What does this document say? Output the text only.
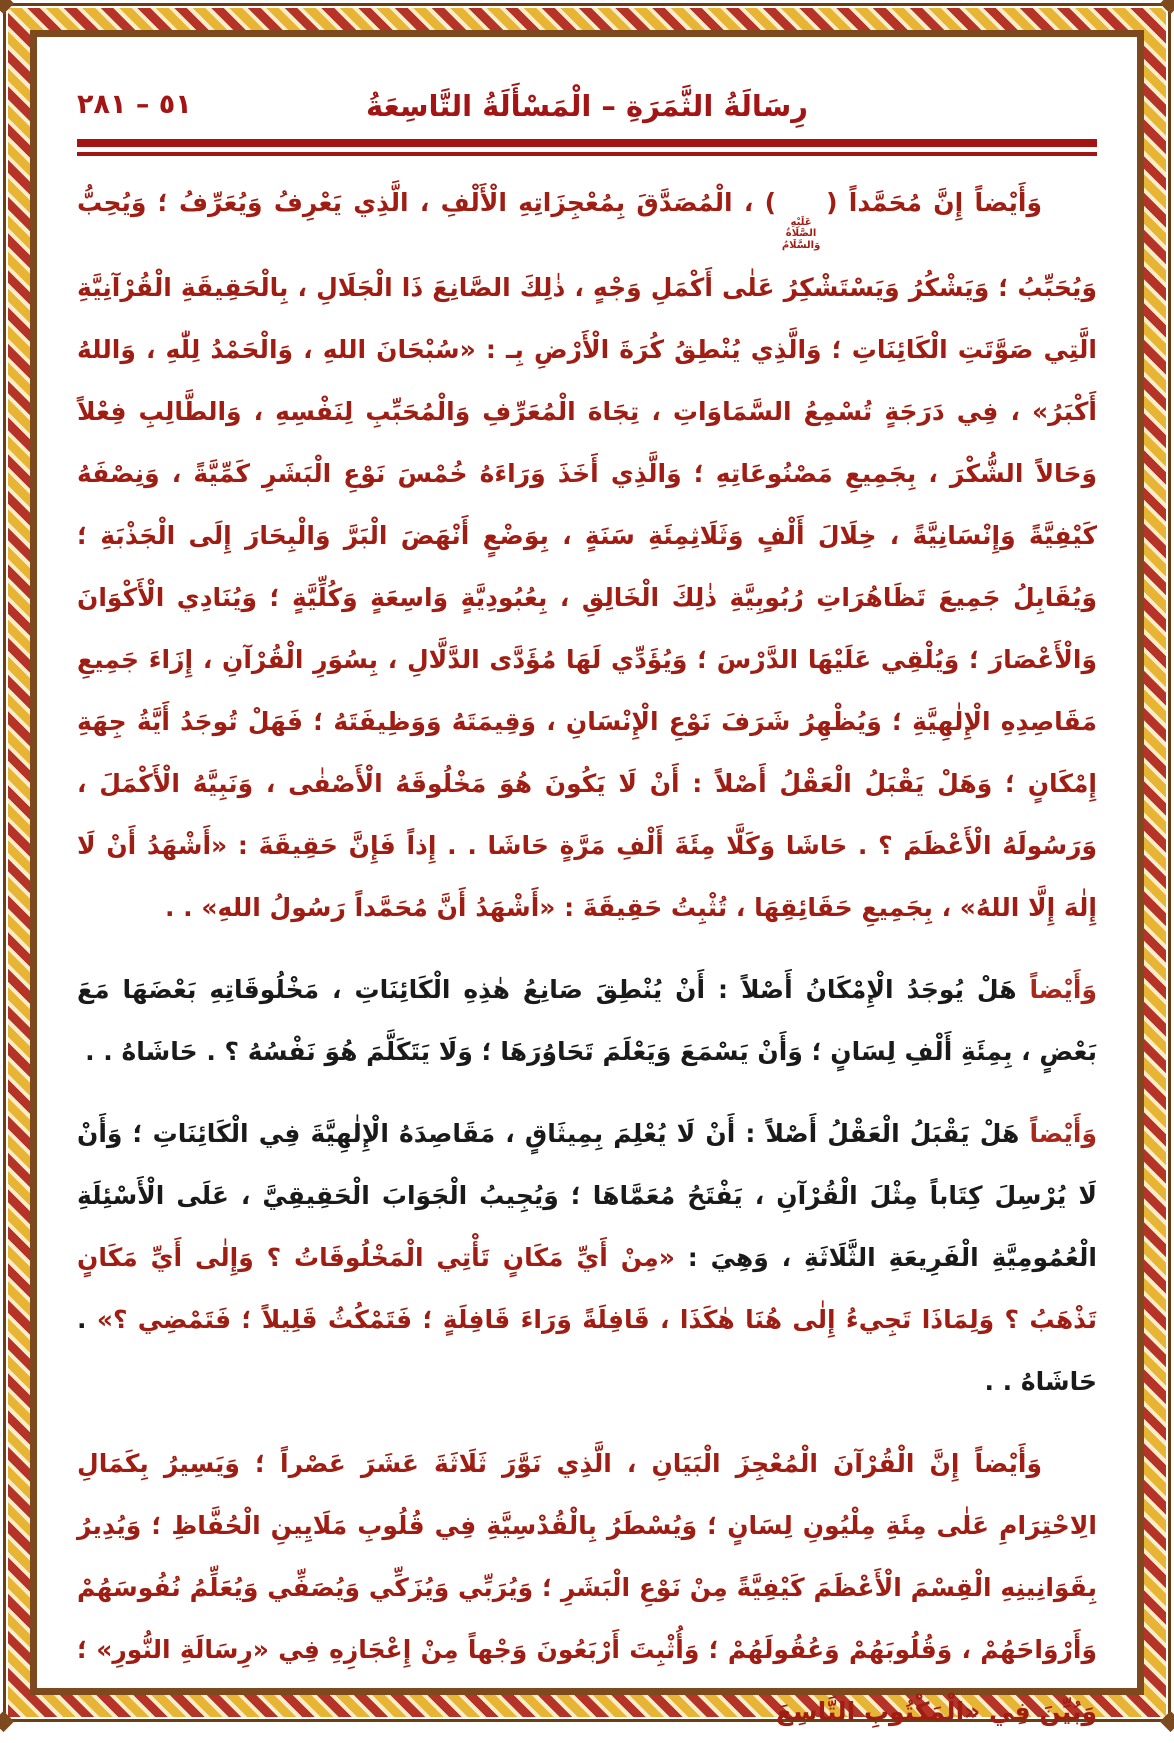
٥١ – ٢٨١	رِسَالَةُ الثَّمَرَةِ – الْمَسْأَلَةُ التَّاسِعَةُ

وَأَيْضاً إِنَّ مُحَمَّداً (
عَلَيْهِ
الصَّلَاةُ
وَالسَّلَامُ
) ، الْمُصَدَّقَ بِمُعْجِزَاتِهِ الْأَلْفِ ، الَّذِي يَعْرِفُ وَيُعَرِّفُ ؛ وَيُحِبُّ وَيُحَبِّبُ ؛ وَيَشْكُرُ وَيَسْتَشْكِرُ عَلٰى أَكْمَلِ وَجْهٍ ، ذٰلِكَ الصَّانِعَ ذَا الْجَلَالِ ، بِالْحَقِيقَةِ الْقُرْآنِيَّةِ الَّتِي صَوَّتَتِ الْكَائِنَاتِ ؛ وَالَّذِي يُنْطِقُ كُرَةَ الْأَرْضِ بِـ : «سُبْحَانَ اللهِ ، وَالْحَمْدُ لِلّٰهِ ، وَاللهُ أَكْبَرُ» ، فِي دَرَجَةٍ تُسْمِعُ السَّمَاوَاتِ ، تِجَاهَ الْمُعَرِّفِ وَالْمُحَبِّبِ لِنَفْسِهِ ، وَالطَّالِبِ فِعْلاً وَحَالاً الشُّكْرَ ، بِجَمِيعِ مَصْنُوعَاتِهِ ؛ وَالَّذِي أَخَذَ وَرَاءَهُ خُمْسَ نَوْعِ الْبَشَرِ كَمِّيَّةً ، وَنِصْفَهُ كَيْفِيَّةً وَإِنْسَانِيَّةً ، خِلَالَ أَلْفٍ وَثَلَاثِمِئَةِ سَنَةٍ ، بِوَضْعٍ أَنْهَضَ الْبَرَّ وَالْبِحَارَ إِلَى الْجَذْبَةِ ؛ وَيُقَابِلُ جَمِيعَ تَظَاهُرَاتِ رُبُوبِيَّةِ ذٰلِكَ الْخَالِقِ ، بِعُبُودِيَّةٍ وَاسِعَةٍ وَكُلِّيَّةٍ ؛ وَيُنَادِي الْأَكْوَانَ وَالْأَعْصَارَ ؛ وَيُلْقِي عَلَيْهَا الدَّرْسَ ؛ وَيُؤَدِّي لَهَا مُؤَدَّى الدَّلَّالِ ، بِسُوَرِ الْقُرْآنِ ، إِزَاءَ جَمِيعِ مَقَاصِدِهِ الْإِلٰهِيَّةِ ؛ وَيُظْهِرُ شَرَفَ نَوْعِ الْإِنْسَانِ ، وَقِيمَتَهُ وَوَظِيفَتَهُ ؛ فَهَلْ تُوجَدُ أَيَّةُ جِهَةِ إِمْكَانٍ ؛ وَهَلْ يَقْبَلُ الْعَقْلُ أَصْلاً : أَنْ لَا يَكُونَ هُوَ مَخْلُوقَهُ الْأَصْفٰى ، وَنَبِيَّهُ الْأَكْمَلَ ، وَرَسُولَهُ الْأَعْظَمَ ؟ . حَاشَا وَكَلَّا مِئَةَ أَلْفِ مَرَّةٍ حَاشَا . . إِذاً فَإِنَّ حَقِيقَةَ : «أَشْهَدُ أَنْ لَا إِلٰهَ إِلَّا اللهُ» ، بِجَمِيعِ حَقَائِقِهَا ، تُثْبِتُ حَقِيقَةَ : «أَشْهَدُ أَنَّ مُحَمَّداً رَسُولُ اللهِ» . .

وَأَيْضاً هَلْ يُوجَدُ الْإِمْكَانُ أَصْلاً : أَنْ يُنْطِقَ صَانِعُ هٰذِهِ الْكَائِنَاتِ ، مَخْلُوقَاتِهِ بَعْضَهَا مَعَ بَعْضٍ ، بِمِئَةِ أَلْفِ لِسَانٍ ؛ وَأَنْ يَسْمَعَ وَيَعْلَمَ تَحَاوُرَهَا ؛ وَلَا يَتَكَلَّمَ هُوَ نَفْسُهُ ؟ . حَاشَاهُ . .

وَأَيْضاً هَلْ يَقْبَلُ الْعَقْلُ أَصْلاً : أَنْ لَا يُعْلِمَ بِمِيثَاقٍ ، مَقَاصِدَهُ الْإِلٰهِيَّةَ فِي الْكَائِنَاتِ ؛ وَأَنْ لَا يُرْسِلَ كِتَاباً مِثْلَ الْقُرْآنِ ، يَفْتَحُ مُعَمَّاهَا ؛ وَيُجِيبُ الْجَوَابَ الْحَقِيقِيَّ ، عَلَى الْأَسْئِلَةِ الْعُمُومِيَّةِ الْفَرِيعَةِ الثَّلَاثَةِ ، وَهِيَ : «مِنْ أَيِّ مَكَانٍ تَأْتِي الْمَخْلُوقَاتُ ؟ وَإِلٰى أَيِّ مَكَانٍ تَذْهَبُ ؟ وَلِمَاذَا تَجِيءُ إِلٰى هُنَا هٰكَذَا ، قَافِلَةً وَرَاءَ قَافِلَةٍ ؛ فَتَمْكُثُ قَلِيلاً ؛ فَتَمْضِي ؟» . حَاشَاهُ . .

وَأَيْضاً إِنَّ الْقُرْآنَ الْمُعْجِزَ الْبَيَانِ ، الَّذِي نَوَّرَ ثَلَاثَةَ عَشَرَ عَصْراً ؛ وَيَسِيرُ بِكَمَالِ الِاحْتِرَامِ عَلٰى مِئَةِ مِلْيُونِ لِسَانٍ ؛ وَيُسْطَرُ بِالْقُدْسِيَّةِ فِي قُلُوبِ مَلَايِينِ الْحُفَّاظِ ؛ وَيُدِيرُ بِقَوَانِينِهِ الْقِسْمَ الْأَعْظَمَ كَيْفِيَّةً مِنْ نَوْعِ الْبَشَرِ ؛ وَيُرَبِّي وَيُزَكِّي وَيُصَفِّي وَيُعَلِّمُ نُفُوسَهُمْ وَأَرْوَاحَهُمْ ، وَقُلُوبَهُمْ وَعُقُولَهُمْ ؛ وَأُثْبِتَ أَرْبَعُونَ وَجْهاً مِنْ إِعْجَازِهِ فِي «رِسَالَةِ النُّورِ» ؛ وَبُيِّنَ فِي «الْمَكْتُوبِ التَّاسِعَ
